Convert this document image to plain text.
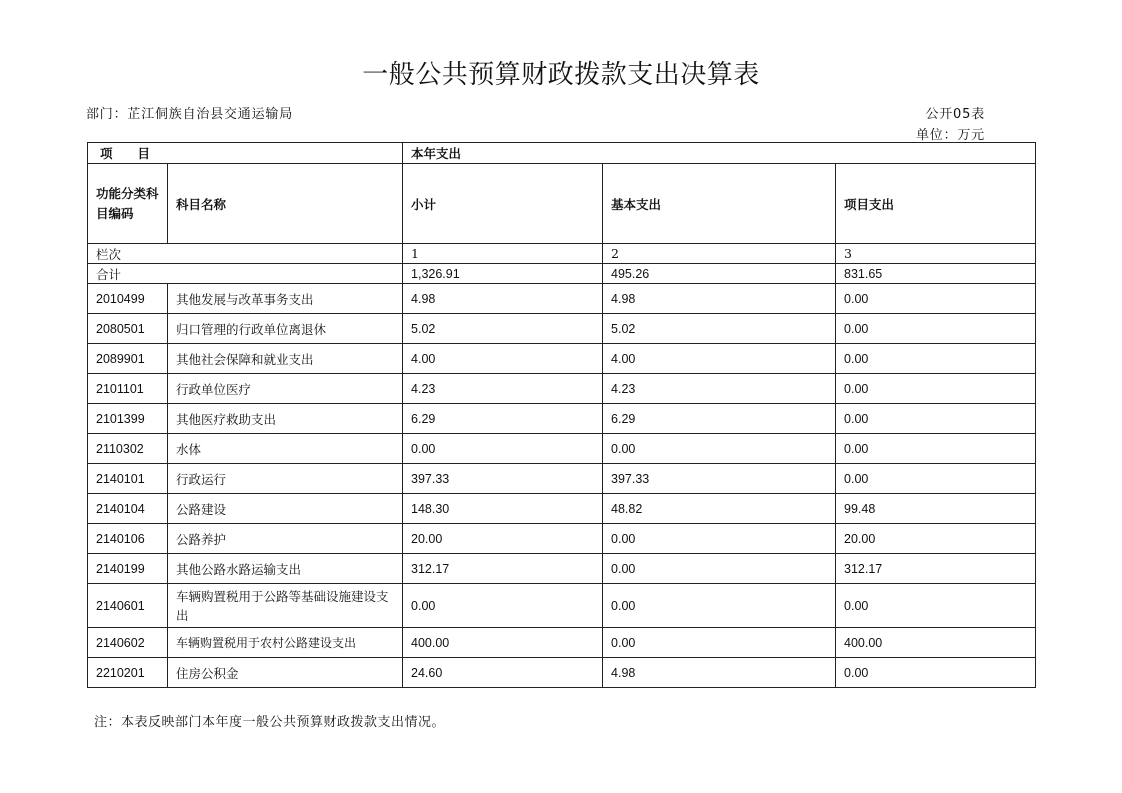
一般公共预算财政拨款支出决算表
部门：芷江侗族自治县交通运输局	公开05表
单位：万元
项　　目		本年支出		
功能分类科目编码	科目名称	小计	基本支出	项目支出
栏次		1	2	3
合计		1,326.91	495.26	831.65
2010499	其他发展与改革事务支出	4.98	4.98	0.00
2080501	归口管理的行政单位离退休	5.02	5.02	0.00
2089901	其他社会保障和就业支出	4.00	4.00	0.00
2101101	行政单位医疗	4.23	4.23	0.00
2101399	其他医疗救助支出	6.29	6.29	0.00
2110302	水体	0.00	0.00	0.00
2140101	行政运行	397.33	397.33	0.00
2140104	公路建设	148.30	48.82	99.48
2140106	公路养护	20.00	0.00	20.00
2140199	其他公路水路运输支出	312.17	0.00	312.17
2140601	车辆购置税用于公路等基础设施建设支出	0.00	0.00	0.00
2140602	车辆购置税用于农村公路建设支出	400.00	0.00	400.00
2210201	住房公积金	24.60	4.98	0.00
注：本表反映部门本年度一般公共预算财政拨款支出情况。
